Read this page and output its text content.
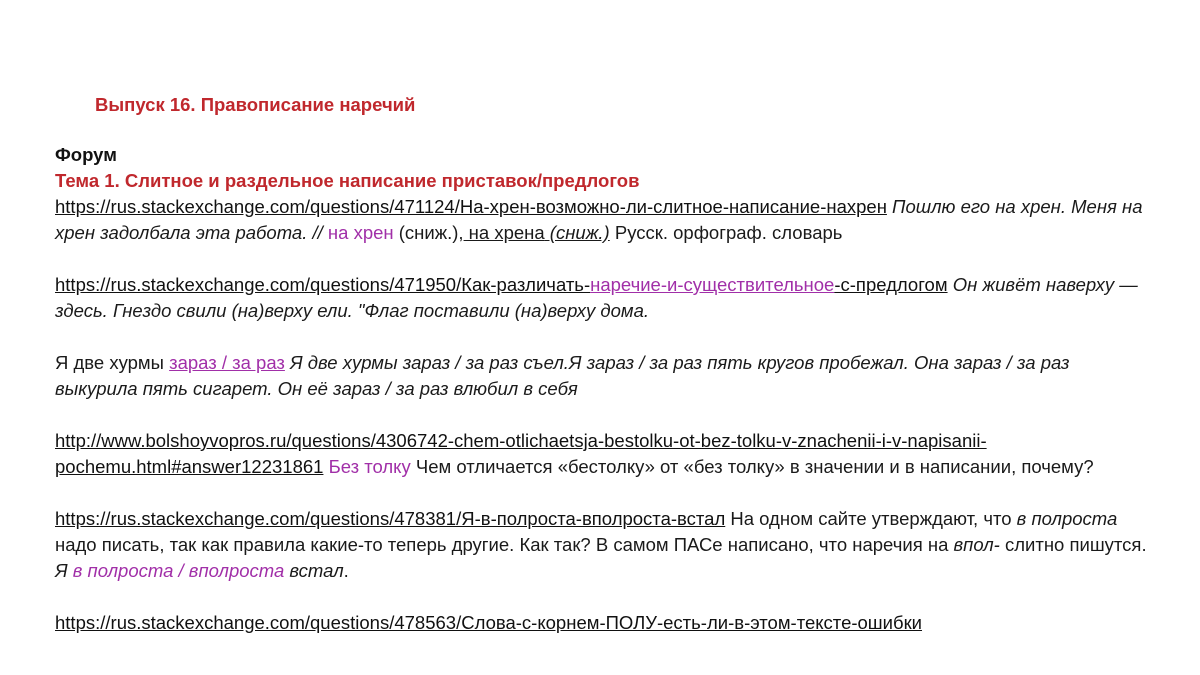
Выпуск 16. Правописание наречий

Форум

Тема 1. Слитное и раздельное написание приставок/предлогов

https://rus.stackexchange.com/questions/471124/На-хрен-возможно-ли-слитное-написание-нахрен Пошлю его на хрен. Меня на хрен задолбала эта работа. // на хрен (сниж.), на хрена (сниж.) Русск. орфограф. словарь

https://rus.stackexchange.com/questions/471950/Как-различать-наречие-и-существительное-с-предлогом Он живёт наверху — здесь. Гнездо свили (на)верху ели. "Флаг поставили (на)верху дома.

Я две хурмы зараз / за раз Я две хурмы зараз / за раз съел.Я зараз / за раз пять кругов пробежал. Она зараз / за раз выкурила пять сигарет. Он её зараз / за раз влюбил в себя

http://www.bolshoyvopros.ru/questions/4306742-chem-otlichaetsja-bestolku-ot-bez-tolku-v-znachenii-i-v-napisanii-pochemu.html#answer12231861 Без толку Чем отличается «бестолку» от «без толку» в значении и в написании, почему?

https://rus.stackexchange.com/questions/478381/Я-в-полроста-вполроста-встал На одном сайте утверждают, что в полроста надо писать, так как правила какие-то теперь другие. Как так? В самом ПАСе написано, что наречия на впол- слитно пишутся. Я в полроста / вполроста встал.

https://rus.stackexchange.com/questions/478563/Слова-с-корнем-ПОЛУ-есть-ли-в-этом-тексте-ошибки
